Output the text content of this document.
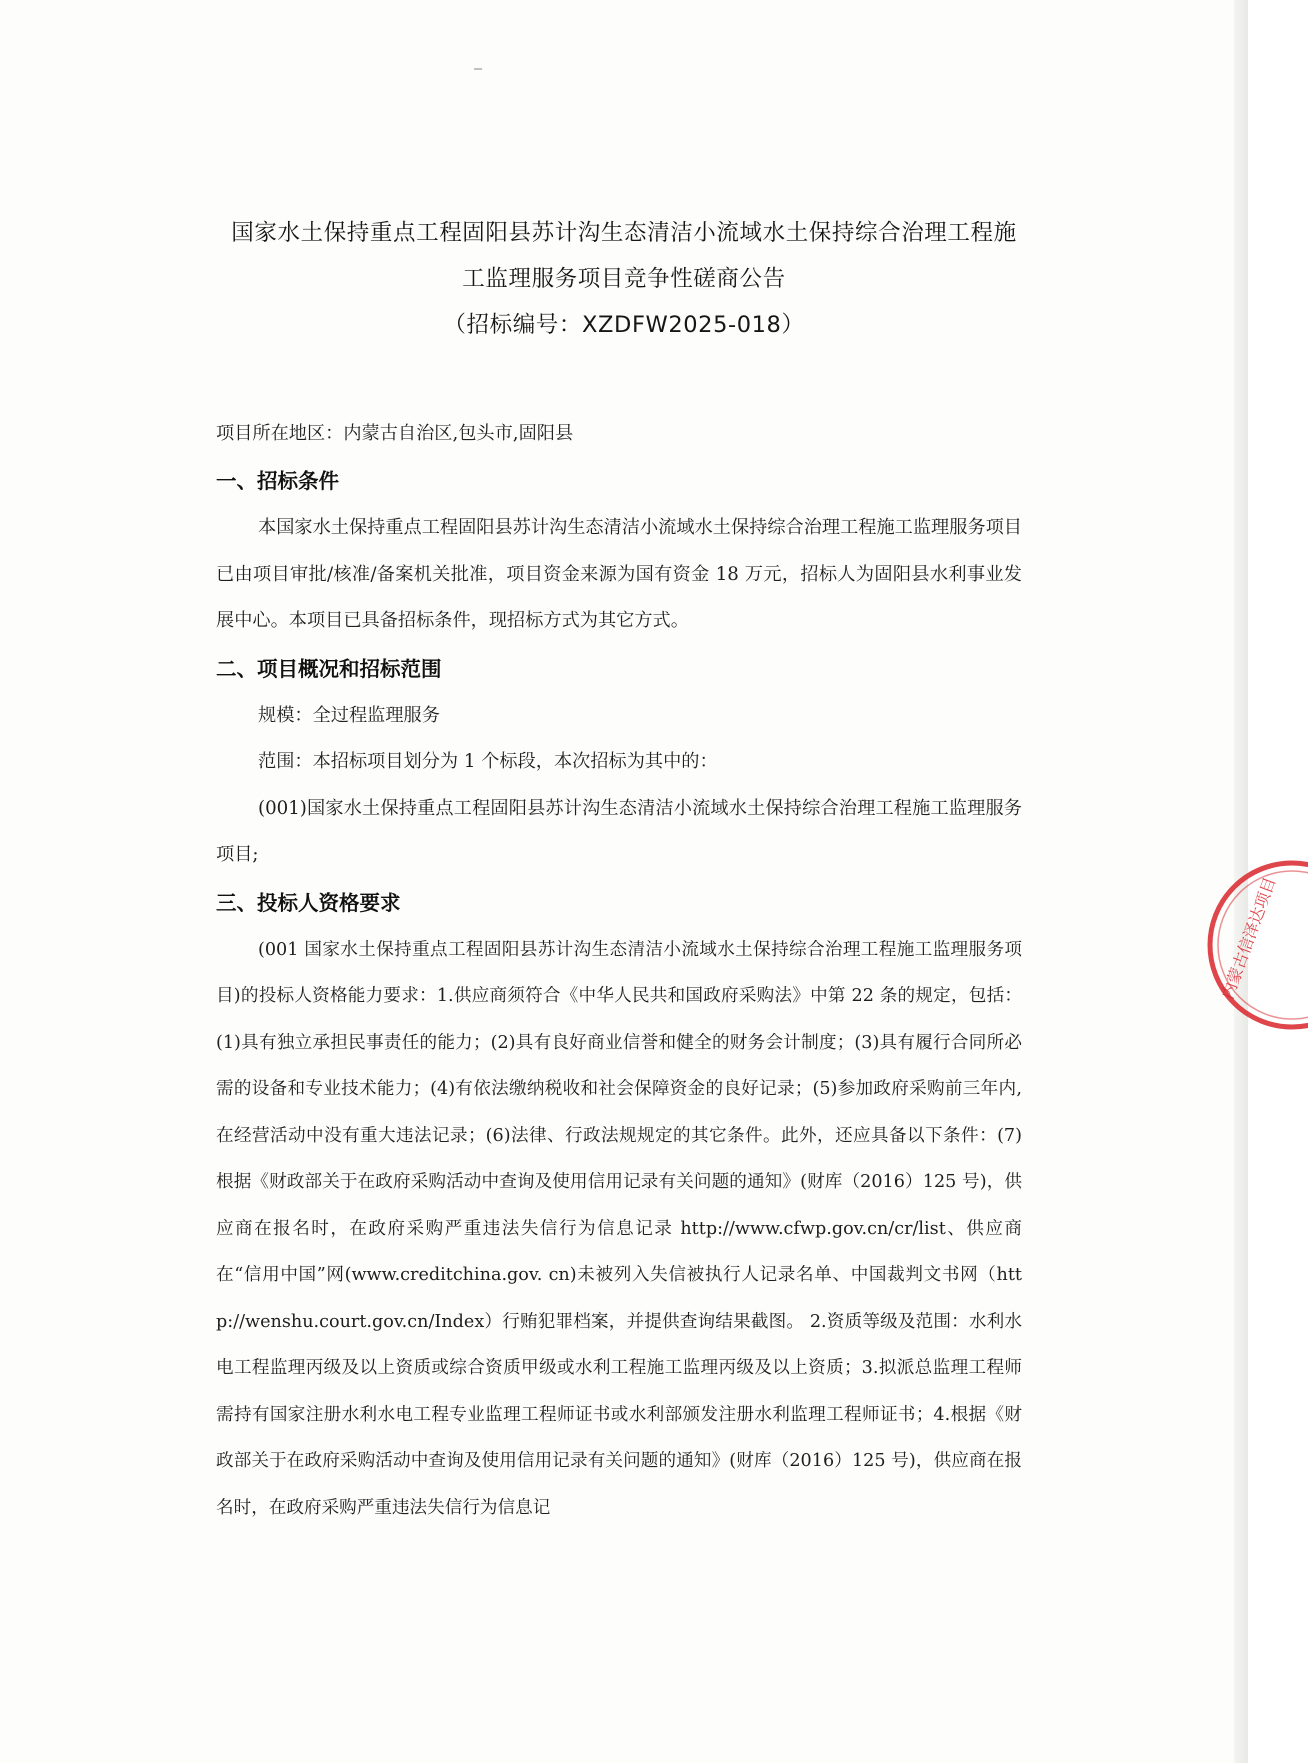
国家水土保持重点工程固阳县苏计沟生态清洁小流域水土保持综合治理工程施
工监理服务项目竞争性磋商公告
（招标编号：XZDFW2025-018）
项目所在地区：内蒙古自治区,包头市,固阳县
一、招标条件
本国家水土保持重点工程固阳县苏计沟生态清洁小流域水土保持综合治理工程施工监理服务项目已由项目审批/核准/备案机关批准，项目资金来源为国有资金 18 万元，招标人为固阳县水利事业发展中心。本项目已具备招标条件，现招标方式为其它方式。
二、项目概况和招标范围
规模：全过程监理服务
范围：本招标项目划分为 1 个标段，本次招标为其中的：
(001)国家水土保持重点工程固阳县苏计沟生态清洁小流域水土保持综合治理工程施工监理服务项目;
三、投标人资格要求
(001 国家水土保持重点工程固阳县苏计沟生态清洁小流域水土保持综合治理工程施工监理服务项目)的投标人资格能力要求：1.供应商须符合《中华人民共和国政府采购法》中第 22 条的规定，包括：(1)具有独立承担民事责任的能力；(2)具有良好商业信誉和健全的财务会计制度；(3)具有履行合同所必需的设备和专业技术能力；(4)有依法缴纳税收和社会保障资金的良好记录；(5)参加政府采购前三年内,在经营活动中没有重大违法记录；(6)法律、行政法规规定的其它条件。此外，还应具备以下条件：(7)根据《财政部关于在政府采购活动中查询及使用信用记录有关问题的通知》(财库（2016）125 号)，供应商在报名时，在政府采购严重违法失信行为信息记录 http://www.cfwp.gov.cn/cr/list、供应商在“信用中国”网(www.creditchina.gov. cn)未被列入失信被执行人记录名单、中国裁判文书网（http://wenshu.court.gov.cn/Index）行贿犯罪档案，并提供查询结果截图。 2.资质等级及范围：水利水电工程监理丙级及以上资质或综合资质甲级或水利工程施工监理丙级及以上资质；3.拟派总监理工程师需持有国家注册水利水电工程专业监理工程师证书或水利部颁发注册水利监理工程师证书；4.根据《财政部关于在政府采购活动中查询及使用信用记录有关问题的通知》(财库（2016）125 号)，供应商在报名时，在政府采购严重违法失信行为信息记
内蒙古信泽达项目
